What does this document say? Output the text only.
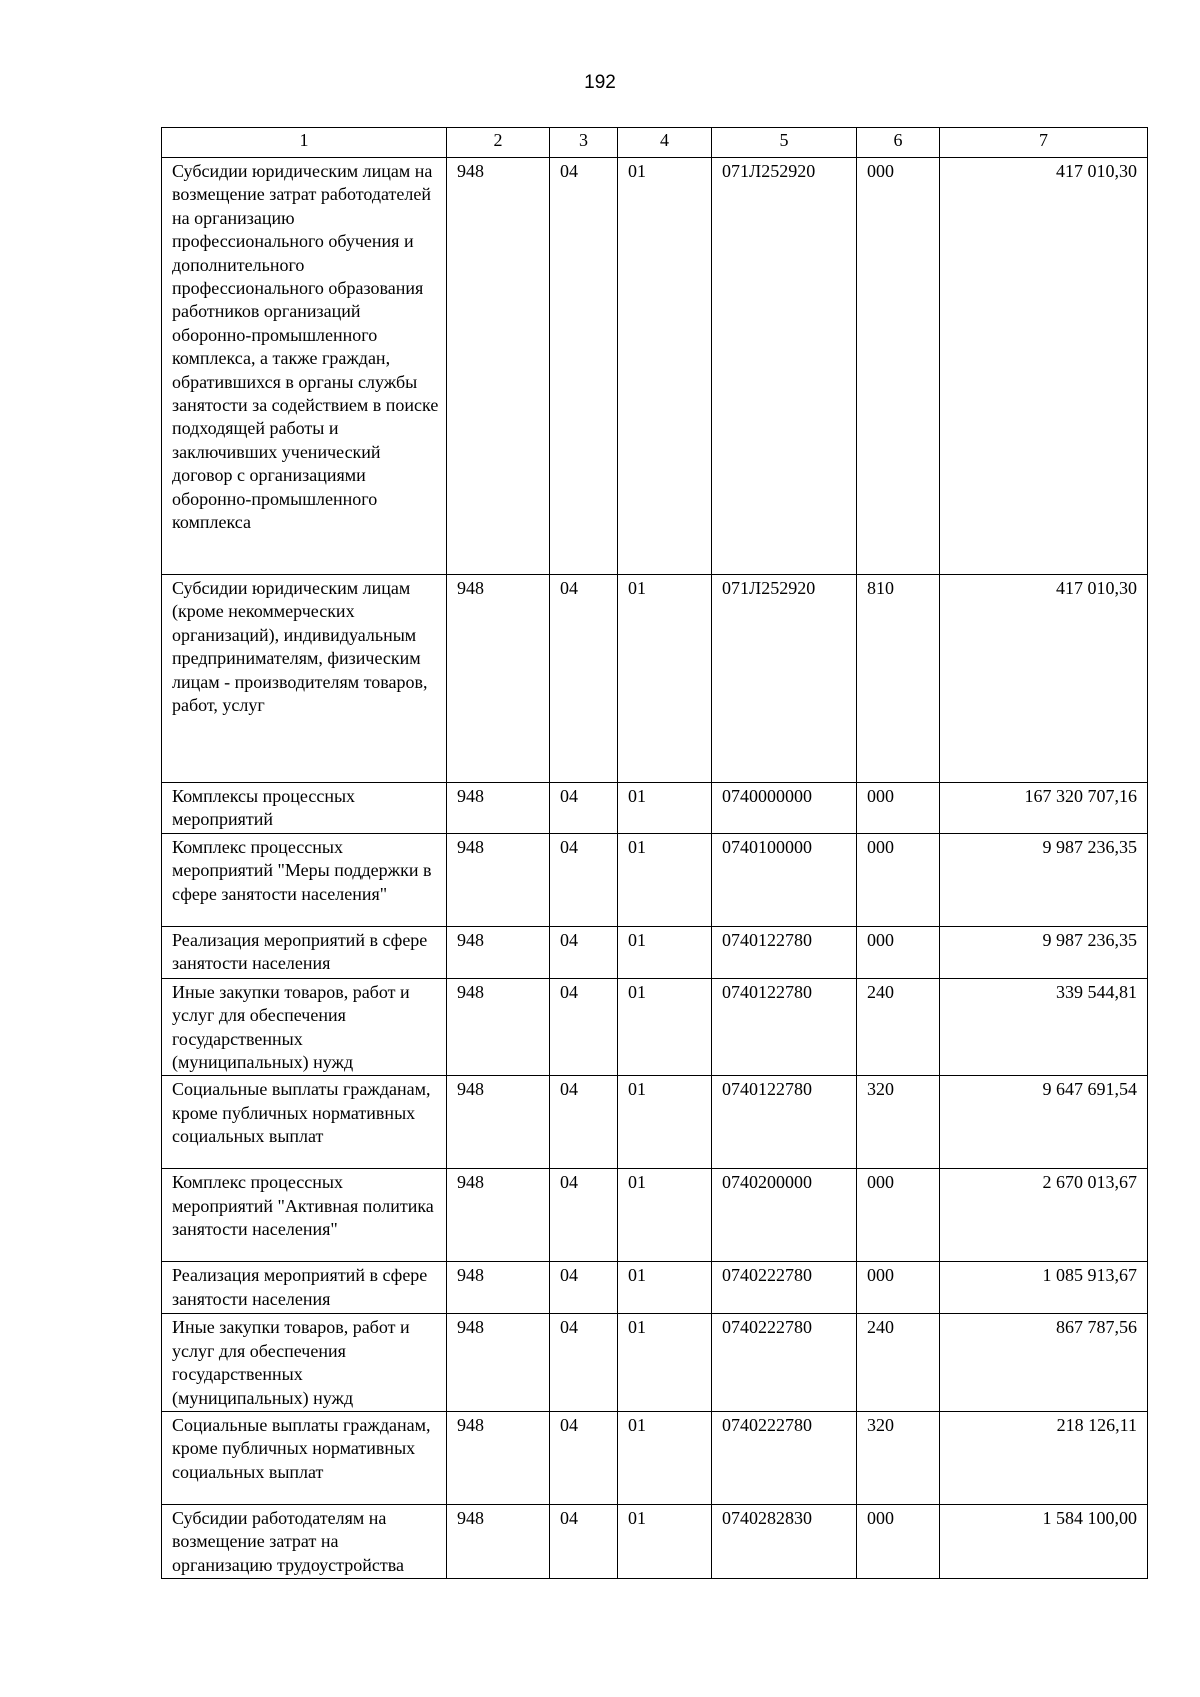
192
1	2	3	4	5	6	7
Субсидии юридическим лицам на возмещение затрат работодателей на организацию профессионального обучения и дополнительного профессионального образования работников организаций оборонно-промышленного комплекса, а также граждан, обратившихся в органы службы занятости за содействием в поиске подходящей работы и заключивших ученический договор с организациями оборонно-промышленного комплекса	948	04	01	071Л252920	000	417 010,30
Субсидии юридическим лицам (кроме некоммерческих организаций), индивидуальным предпринимателям, физическим лицам - производителям товаров, работ, услуг	948	04	01	071Л252920	810	417 010,30
Комплексы процессных мероприятий	948	04	01	0740000000	000	167 320 707,16
Комплекс процессных мероприятий "Меры поддержки в сфере занятости населения"	948	04	01	0740100000	000	9 987 236,35
Реализация мероприятий в сфере занятости населения	948	04	01	0740122780	000	9 987 236,35
Иные закупки товаров, работ и услуг для обеспечения государственных (муниципальных) нужд	948	04	01	0740122780	240	339 544,81
Социальные выплаты гражданам, кроме публичных нормативных социальных выплат	948	04	01	0740122780	320	9 647 691,54
Комплекс процессных мероприятий "Активная политика занятости населения"	948	04	01	0740200000	000	2 670 013,67
Реализация мероприятий в сфере занятости населения	948	04	01	0740222780	000	1 085 913,67
Иные закупки товаров, работ и услуг для обеспечения государственных (муниципальных) нужд	948	04	01	0740222780	240	867 787,56
Социальные выплаты гражданам, кроме публичных нормативных социальных выплат	948	04	01	0740222780	320	218 126,11
Субсидии работодателям на возмещение затрат на организацию трудоустройства	948	04	01	0740282830	000	1 584 100,00
